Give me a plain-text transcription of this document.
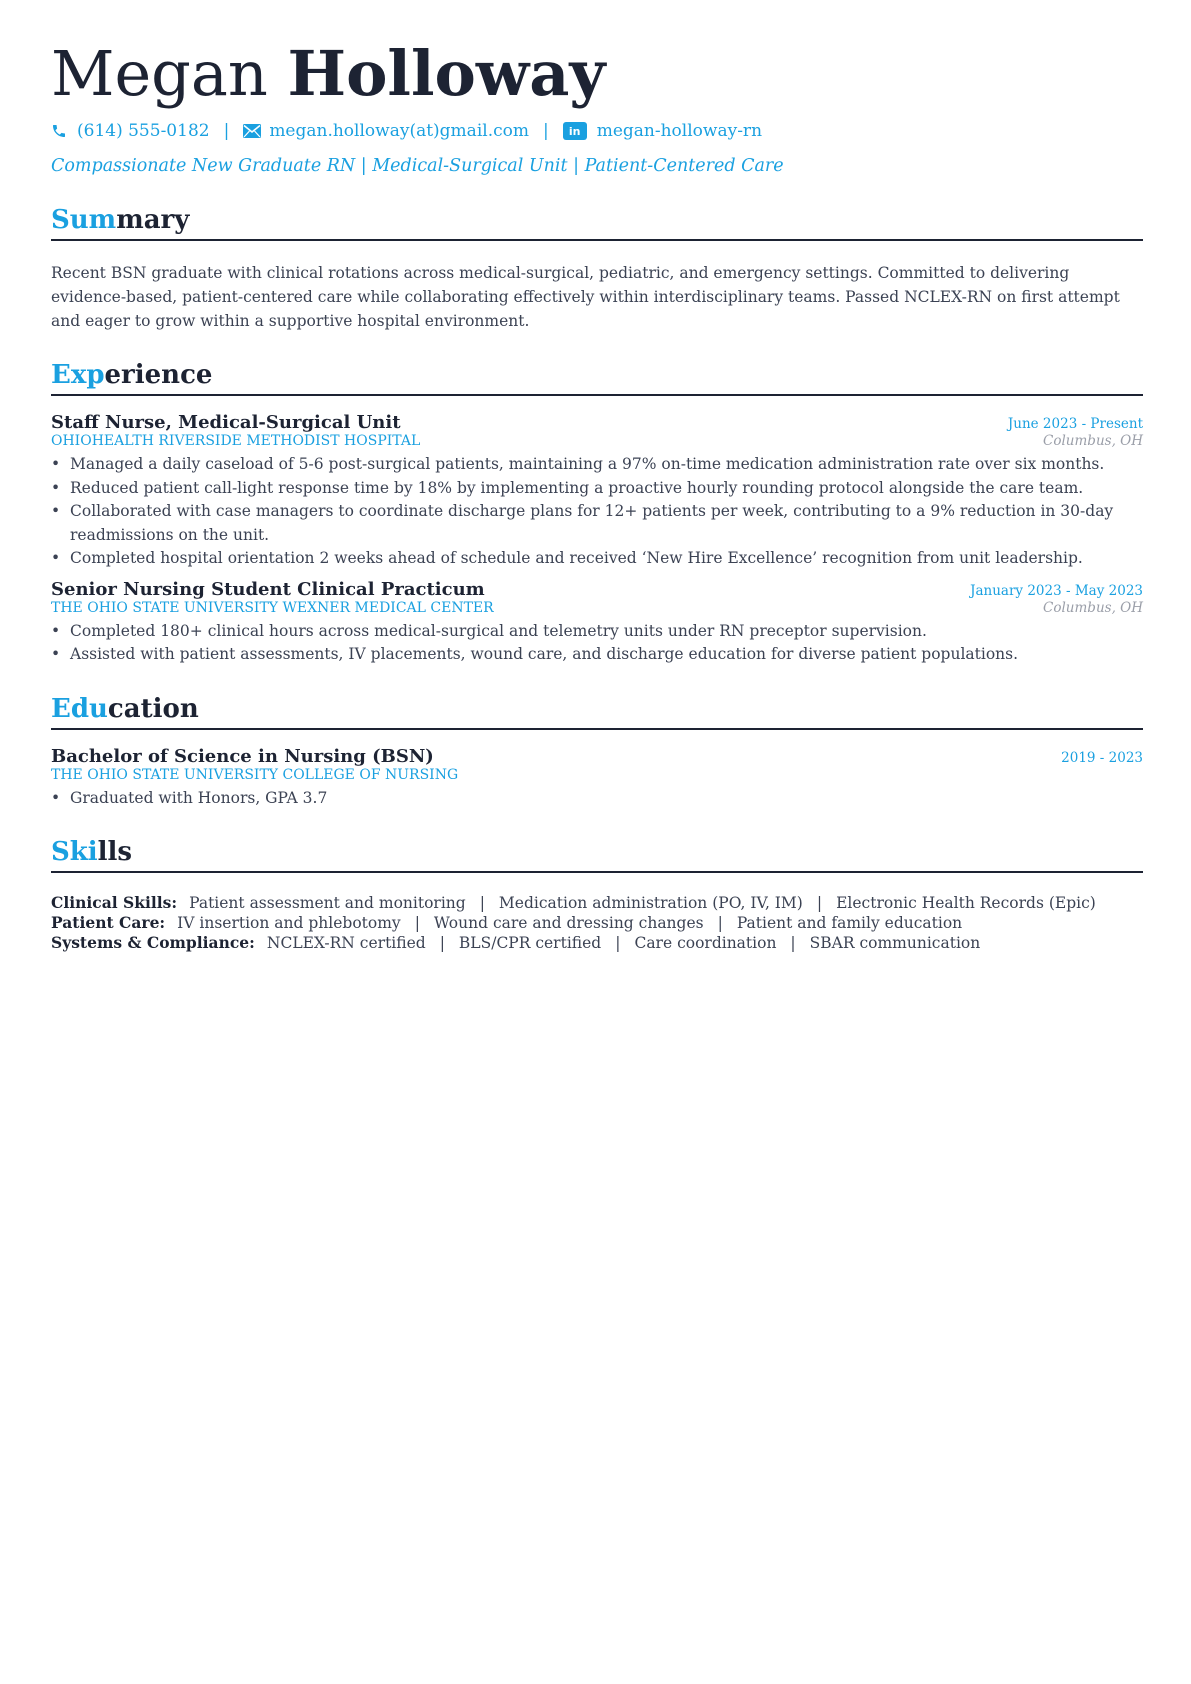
Megan Holloway
(614) 555-0182 | megan.holloway(at)gmail.com |	in megan-holloway-rn
Compassionate New Graduate RN | Medical-Surgical Unit | Patient-Centered Care
Summary
Recent BSN graduate with clinical rotations across medical-surgical, pediatric, and emergency settings. Committed to delivering evidence-based, patient-centered care while collaborating effectively within interdisciplinary teams. Passed NCLEX-RN on first attempt and eager to grow within a supportive hospital environment.
Experience
Staff Nurse, Medical-Surgical Unit	June 2023 - Present
OHIOHEALTH RIVERSIDE METHODIST HOSPITAL	Columbus, OH
• Managed a daily caseload of 5-6 post-surgical patients, maintaining a 97% on-time medication administration rate over six months.
• Reduced patient call-light response time by 18% by implementing a proactive hourly rounding protocol alongside the care team.
• Collaborated with case managers to coordinate discharge plans for 12+ patients per week, contributing to a 9% reduction in 30-day readmissions on the unit.
• Completed hospital orientation 2 weeks ahead of schedule and received ‘New Hire Excellence’ recognition from unit leadership.
Senior Nursing Student Clinical Practicum	January 2023 - May 2023
THE OHIO STATE UNIVERSITY WEXNER MEDICAL CENTER	Columbus, OH
• Completed 180+ clinical hours across medical-surgical and telemetry units under RN preceptor supervision.
• Assisted with patient assessments, IV placements, wound care, and discharge education for diverse patient populations.
Education
Bachelor of Science in Nursing (BSN)	2019 - 2023
THE OHIO STATE UNIVERSITY COLLEGE OF NURSING
• Graduated with Honors, GPA 3.7
Skills
Clinical Skills: Patient assessment and monitoring | Medication administration (PO, IV, IM) | Electronic Health Records (Epic)
Patient Care: IV insertion and phlebotomy | Wound care and dressing changes | Patient and family education
Systems & Compliance: NCLEX-RN certified | BLS/CPR certified | Care coordination | SBAR communication
